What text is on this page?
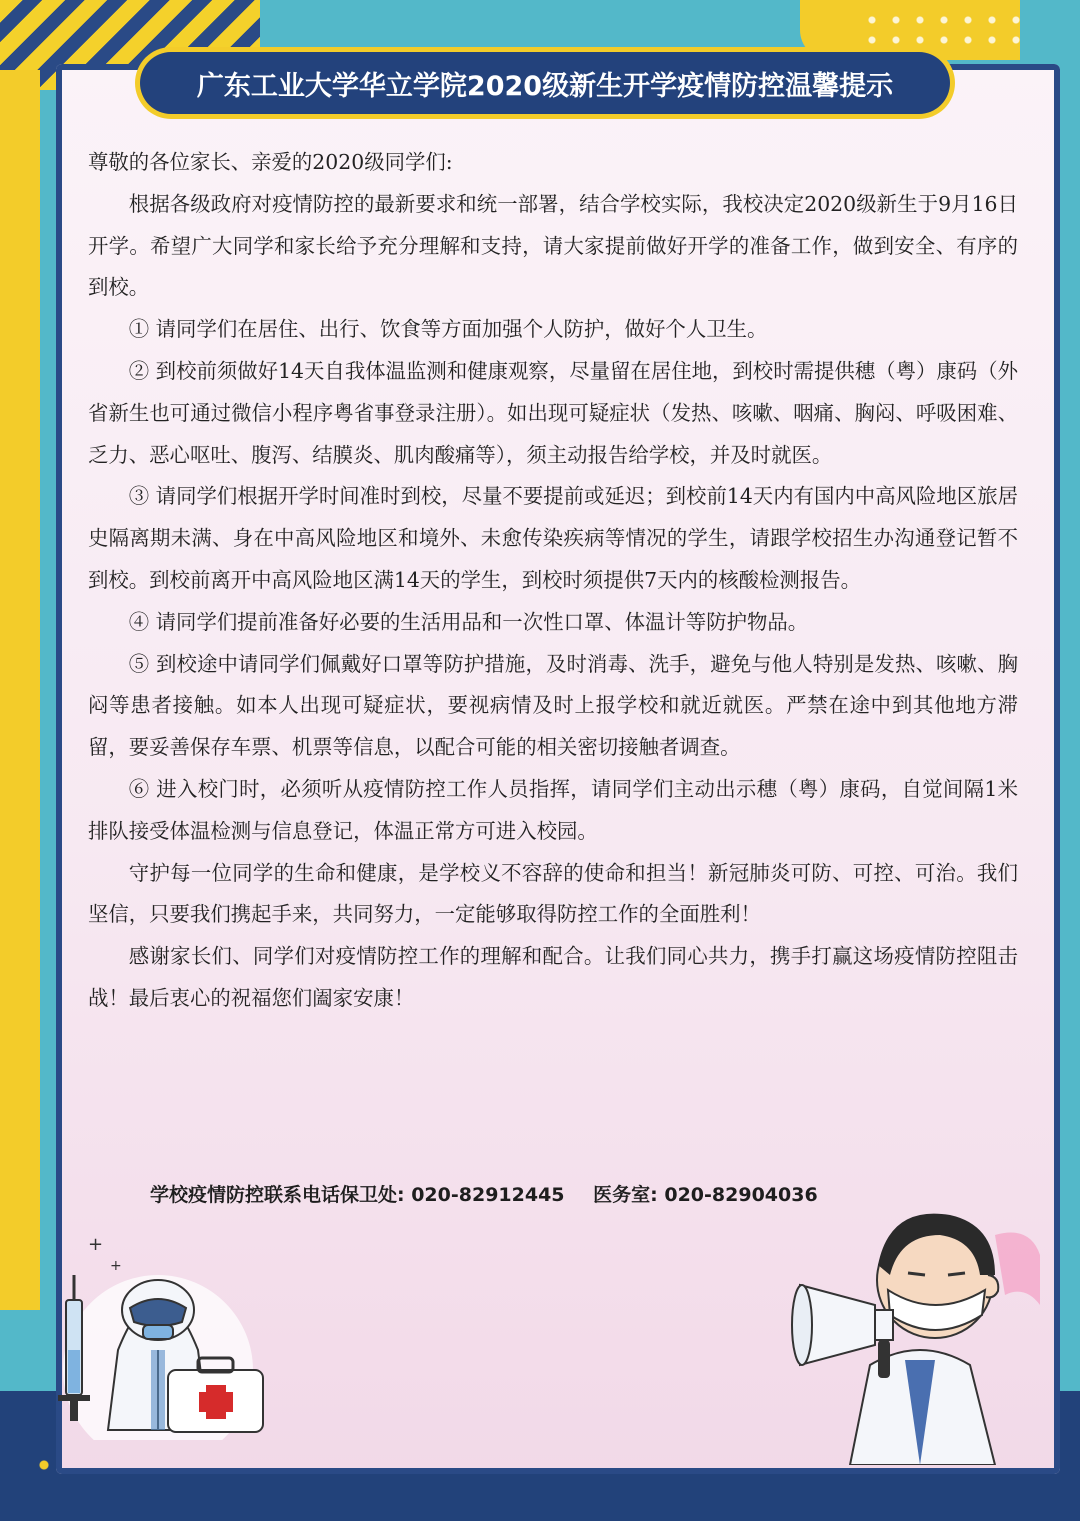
广东工业大学华立学院2020级新生开学疫情防控温馨提示

尊敬的各位家长、亲爱的2020级同学们:

根据各级政府对疫情防控的最新要求和统一部署，结合学校实际，我校决定2020级新生于9月16日开学。希望广大同学和家长给予充分理解和支持，请大家提前做好开学的准备工作，做到安全、有序的到校。

① 请同学们在居住、出行、饮食等方面加强个人防护，做好个人卫生。

② 到校前须做好14天自我体温监测和健康观察，尽量留在居住地，到校时需提供穗（粤）康码（外省新生也可通过微信小程序粤省事登录注册）。如出现可疑症状（发热、咳嗽、咽痛、胸闷、呼吸困难、乏力、恶心呕吐、腹泻、结膜炎、肌肉酸痛等），须主动报告给学校，并及时就医。

③ 请同学们根据开学时间准时到校，尽量不要提前或延迟；到校前14天内有国内中高风险地区旅居史隔离期未满、身在中高风险地区和境外、未愈传染疾病等情况的学生，请跟学校招生办沟通登记暂不到校。到校前离开中高风险地区满14天的学生，到校时须提供7天内的核酸检测报告。

④ 请同学们提前准备好必要的生活用品和一次性口罩、体温计等防护物品。

⑤ 到校途中请同学们佩戴好口罩等防护措施，及时消毒、洗手，避免与他人特别是发热、咳嗽、胸闷等患者接触。如本人出现可疑症状，要视病情及时上报学校和就近就医。严禁在途中到其他地方滞留，要妥善保存车票、机票等信息，以配合可能的相关密切接触者调查。

⑥ 进入校门时，必须听从疫情防控工作人员指挥，请同学们主动出示穗（粤）康码，自觉间隔1米排队接受体温检测与信息登记，体温正常方可进入校园。

守护每一位同学的生命和健康，是学校义不容辞的使命和担当！新冠肺炎可防、可控、可治。我们坚信，只要我们携起手来，共同努力，一定能够取得防控工作的全面胜利！

感谢家长们、同学们对疫情防控工作的理解和配合。让我们同心共力，携手打赢这场疫情防控阻击战！最后衷心的祝福您们阖家安康！

学校疫情防控联系电话保卫处: 020-82912445 医务室: 020-82904036
+
+
